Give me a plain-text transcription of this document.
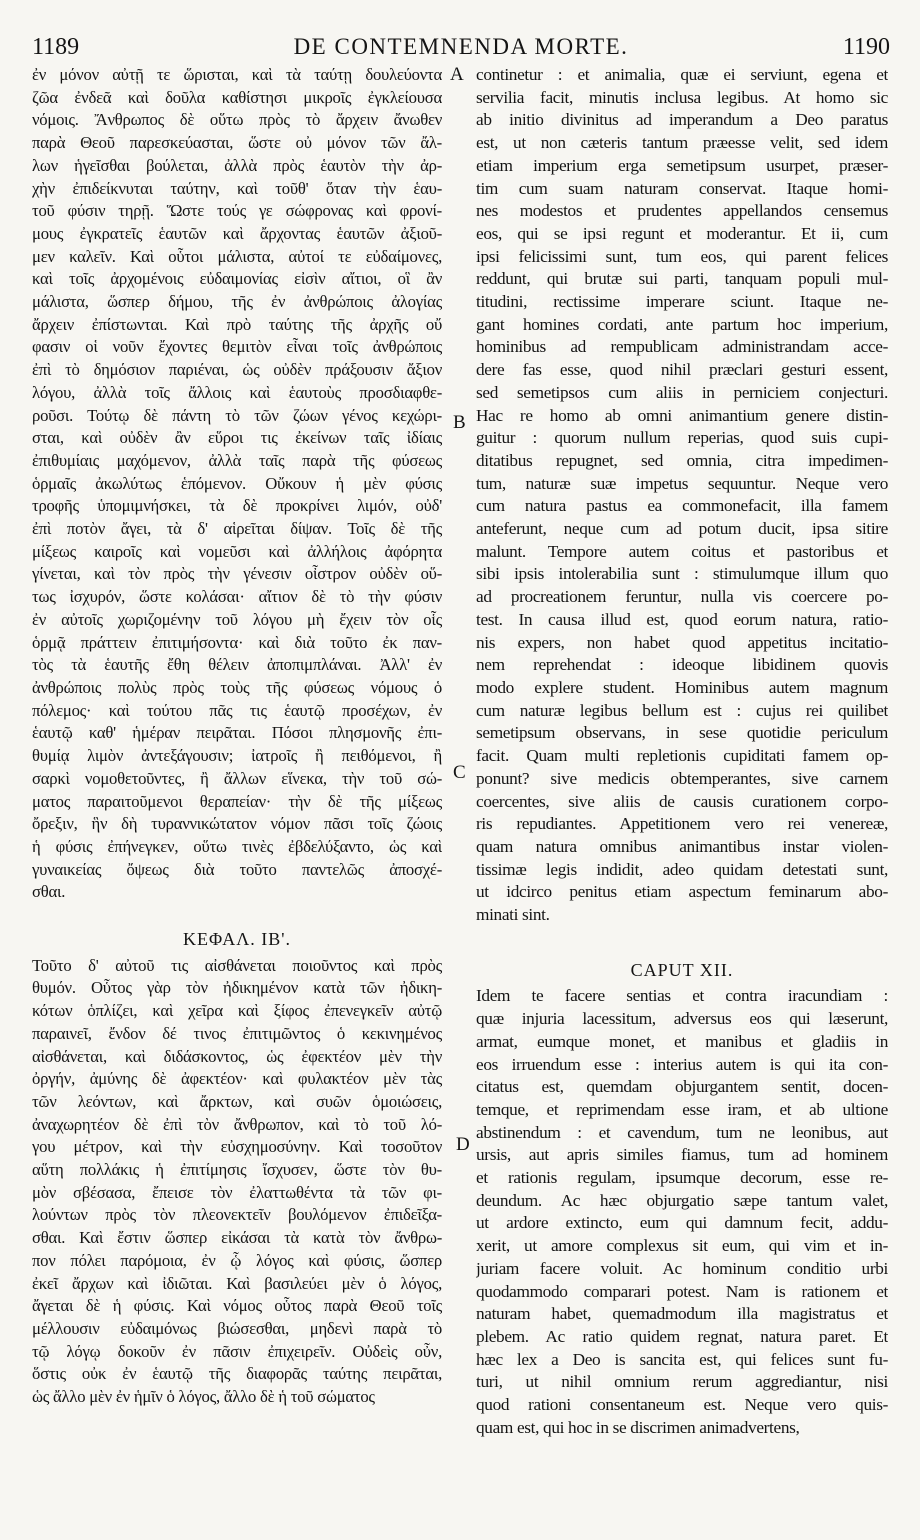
1189	DE CONTEMNENDA MORTE.	1190
ἐν μόνον αὐτῇ τε ὥρισται, καὶ τὰ ταύτῃ δουλεύοντα
ζῶα ἐνδεᾶ καὶ δοῦλα καθίστησι μικροῖς ἐγκλείουσα
νόμοις. Ἄνθρωπος δὲ οὕτω πρὸς τὸ ἄρχειν ἄνωθεν
παρὰ Θεοῦ παρεσκεύασται, ὥστε οὐ μόνον τῶν ἄλ-
λων ἡγεῖσθαι βούλεται, ἀλλὰ πρὸς ἑαυτὸν τὴν ἀρ-
χὴν ἐπιδείκνυται ταύτην, καὶ τοῦθ' ὅταν τὴν ἑαυ-
τοῦ φύσιν τηρῇ. Ὥστε τούς γε σώφρονας καὶ φρονί-
μους ἐγκρατεῖς ἑαυτῶν καὶ ἄρχοντας ἑαυτῶν ἀξιοῦ-
μεν καλεῖν. Καὶ οὗτοι μάλιστα, αὐτοί τε εὐδαίμονες,
καὶ τοῖς ἀρχομένοις εὐδαιμονίας εἰσὶν αἴτιοι, οἳ ἂν
μάλιστα, ὥσπερ δήμου, τῆς ἐν ἀνθρώποις ἀλογίας
ἄρχειν ἐπίστωνται. Καὶ πρὸ ταύτης τῆς ἀρχῆς οὔ
φασιν οἱ νοῦν ἔχοντες θεμιτὸν εἶναι τοῖς ἀνθρώποις
ἐπὶ τὸ δημόσιον παριέναι, ὡς οὐδὲν πράξουσιν ἄξιον
λόγου, ἀλλὰ τοῖς ἄλλοις καὶ ἑαυτοὺς προσδιαφθε-
ροῦσι. Τούτῳ δὲ πάντη τὸ τῶν ζώων γένος κεχώρι-
σται, καὶ οὐδὲν ἂν εὕροι τις ἐκείνων ταῖς ἰδίαις
ἐπιθυμίαις μαχόμενον, ἀλλὰ ταῖς παρὰ τῆς φύσεως
ὁρμαῖς ἀκωλύτως ἑπόμενον. Οὔκουν ἡ μὲν φύσις
τροφῆς ὑπομιμνήσκει, τὰ δὲ προκρίνει λιμόν, οὐδ'
ἐπὶ ποτὸν ἄγει, τὰ δ' αἱρεῖται δίψαν. Τοῖς δὲ τῆς
μίξεως καιροῖς καὶ νομεῦσι καὶ ἀλλήλοις ἀφόρητα
γίνεται, καὶ τὸν πρὸς τὴν γένεσιν οἶστρον οὐδὲν οὕ-
τως ἰσχυρόν, ὥστε κολάσαι· αἴτιον δὲ τὸ τὴν φύσιν
ἐν αὐτοῖς χωριζομένην τοῦ λόγου μὴ ἔχειν τὸν οἷς
ὁρμᾷ πράττειν ἐπιτιμήσοντα· καὶ διὰ τοῦτο ἐκ παν-
τὸς τὰ ἑαυτῆς ἔθη θέλειν ἀποπιμπλάναι. Ἀλλ' ἐν
ἀνθρώποις πολὺς πρὸς τοὺς τῆς φύσεως νόμους ὁ
πόλεμος· καὶ τούτου πᾶς τις ἑαυτῷ προσέχων, ἐν
ἑαυτῷ καθ' ἡμέραν πειρᾶται. Πόσοι πλησμονῆς ἐπι-
θυμίᾳ λιμὸν ἀντεξάγουσιν; ἰατροῖς ἢ πειθόμενοι, ἢ
σαρκὶ νομοθετοῦντες, ἢ ἄλλων εἵνεκα, τὴν τοῦ σώ-
ματος παραιτοῦμενοι θεραπείαν· τὴν δὲ τῆς μίξεως
ὄρεξιν, ἣν δὴ τυραννικώτατον νόμον πᾶσι τοῖς ζώοις
ἡ φύσις ἐπήνεγκεν, οὕτω τινὲς ἐβδελύξαντο, ὡς καὶ
γυναικείας ὄψεως διὰ τοῦτο παντελῶς ἀποσχέ-
σθαι.
ΚΕΦΑΛ. ΙΒ'.
Τοῦτο δ' αὐτοῦ τις αἰσθάνεται ποιοῦντος καὶ πρὸς
θυμόν. Οὗτος γὰρ τὸν ἠδικημένον κατὰ τῶν ἠδικη-
κότων ὁπλίζει, καὶ χεῖρα καὶ ξίφος ἐπενεγκεῖν αὐτῷ
παραινεῖ, ἔνδον δέ τινος ἐπιτιμῶντος ὁ κεκινημένος
αἰσθάνεται, καὶ διδάσκοντος, ὡς ἐφεκτέον μὲν τὴν
ὀργήν, ἀμύνης δὲ ἀφεκτέον· καὶ φυλακτέον μὲν τὰς
τῶν λεόντων, καὶ ἄρκτων, καὶ συῶν ὁμοιώσεις,
ἀναχωρητέον δὲ ἐπὶ τὸν ἄνθρωπον, καὶ τὸ τοῦ λό-
γου μέτρον, καὶ τὴν εὐσχημοσύνην. Καὶ τοσοῦτον
αὕτη πολλάκις ἡ ἐπιτίμησις ἴσχυσεν, ὥστε τὸν θυ-
μὸν σβέσασα, ἔπεισε τὸν ἐλαττωθέντα τὰ τῶν φι-
λούντων πρὸς τὸν πλεονεκτεῖν βουλόμενον ἐπιδεῖξα-
σθαι. Καὶ ἔστιν ὥσπερ εἰκάσαι τὰ κατὰ τὸν ἄνθρω-
πον πόλει παρόμοια, ἐν ᾧ λόγος καὶ φύσις, ὥσπερ
ἐκεῖ ἄρχων καὶ ἰδιῶται. Καὶ βασιλεύει μὲν ὁ λόγος,
ἄγεται δὲ ἡ φύσις. Καὶ νόμος οὗτος παρὰ Θεοῦ τοῖς
μέλλουσιν εὐδαιμόνως βιώσεσθαι, μηδενὶ παρὰ τὸ
τῷ λόγῳ δοκοῦν ἐν πᾶσιν ἐπιχειρεῖν. Οὐδεὶς οὖν,
ὅστις οὐκ ἐν ἑαυτῷ τῆς διαφορᾶς ταύτης πειρᾶται,
ὡς ἄλλο μὲν ἐν ἡμῖν ὁ λόγος, ἄλλο δὲ ἡ τοῦ σώματος
continetur : et animalia, quæ ei serviunt, egena et
servilia facit, minutis inclusa legibus. At homo sic
ab initio divinitus ad imperandum a Deo paratus
est, ut non cæteris tantum præesse velit, sed idem
etiam imperium erga semetipsum usurpet, præser-
tim cum suam naturam conservat. Itaque homi-
nes modestos et prudentes appellandos censemus
eos, qui se ipsi regunt et moderantur. Et ii, cum
ipsi felicissimi sunt, tum eos, qui parent felices
reddunt, qui brutæ sui parti, tanquam populi mul-
titudini, rectissime imperare sciunt. Itaque ne-
gant homines cordati, ante partum hoc imperium,
hominibus ad rempublicam administrandam acce-
dere fas esse, quod nihil præclari gesturi essent,
sed semetipsos cum aliis in perniciem conjecturi.
Hac re homo ab omni animantium genere distin-
guitur : quorum nullum reperias, quod suis cupi-
ditatibus repugnet, sed omnia, citra impedimen-
tum, naturæ suæ impetus sequuntur. Neque vero
cum natura pastus ea commonefacit, illa famem
anteferunt, neque cum ad potum ducit, ipsa sitire
malunt. Tempore autem coitus et pastoribus et
sibi ipsis intolerabilia sunt : stimulumque illum quo
ad procreationem feruntur, nulla vis coercere po-
test. In causa illud est, quod eorum natura, ratio-
nis expers, non habet quod appetitus incitatio-
nem reprehendat : ideoque libidinem quovis
modo explere student. Hominibus autem magnum
cum naturæ legibus bellum est : cujus rei quilibet
semetipsum observans, in sese quotidie periculum
facit. Quam multi repletionis cupiditati famem op-
ponunt? sive medicis obtemperantes, sive carnem
coercentes, sive aliis de causis curationem corpo-
ris repudiantes. Appetitionem vero rei venereæ,
quam natura omnibus animantibus instar violen-
tissimæ legis indidit, adeo quidam detestati sunt,
ut idcirco penitus etiam aspectum feminarum abo-
minati sint.
CAPUT XII.
Idem te facere sentias et contra iracundiam :
quæ injuria lacessitum, adversus eos qui læserunt,
armat, eumque monet, et manibus et gladiis in
eos irruendum esse : interius autem is qui ita con-
citatus est, quemdam objurgantem sentit, docen-
temque, et reprimendam esse iram, et ab ultione
abstinendum : et cavendum, tum ne leonibus, aut
ursis, aut apris similes fiamus, tum ad hominem
et rationis regulam, ipsumque decorum, esse re-
deundum. Ac hæc objurgatio sæpe tantum valet,
ut ardore extincto, eum qui damnum fecit, addu-
xerit, ut amore complexus sit eum, qui vim et in-
juriam facere voluit. Ac hominum conditio urbi
quodammodo comparari potest. Nam is rationem et
naturam habet, quemadmodum illa magistratus et
plebem. Ac ratio quidem regnat, natura paret. Et
hæc lex a Deo is sancita est, qui felices sunt fu-
turi, ut nihil omnium rerum aggrediantur, nisi
quod rationi consentaneum est. Neque vero quis-
quam est, qui hoc in se discrimen animadvertens,
A
B
C
D
